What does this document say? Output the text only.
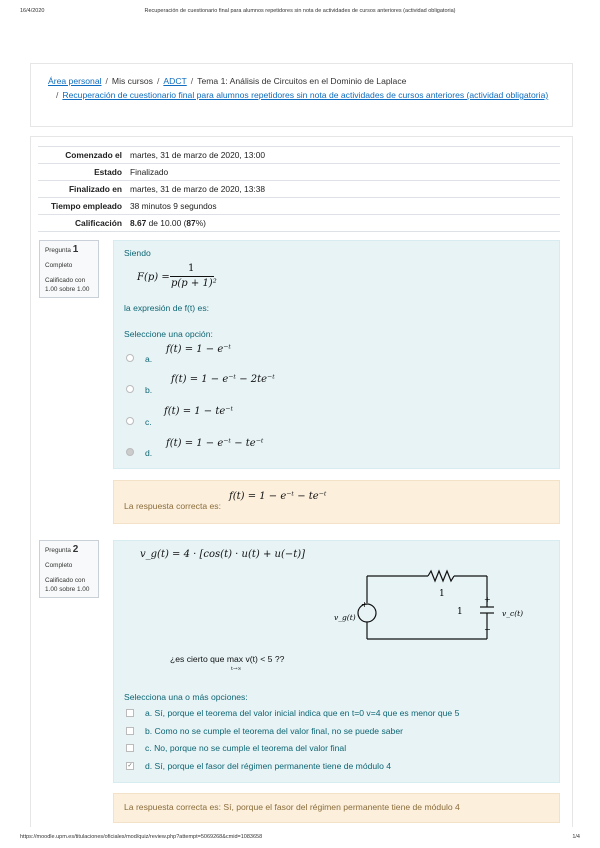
16/4/2020	Recuperación de cuestionario final para alumnos repetidores sin nota de actividades de cursos anteriores (actividad obligatoria)
Área personal / Mis cursos / ADCT / Tema 1: Análisis de Circuitos en el Dominio de Laplace
/ Recuperación de cuestionario final para alumnos repetidores sin nota de actividades de cursos anteriores (actividad obligatoria)
Comenzado el	martes, 31 de marzo de 2020, 13:00
Estado	Finalizado
Finalizado en	martes, 31 de marzo de 2020, 13:38
Tiempo empleado	38 minutos 9 segundos
Calificación	8.67 de 10.00 (87%)
Pregunta 1
Completo
Calificado con 1.00 sobre 1.00
Siendo
F(p) =
1
p(p + 1)²
la expresión de f(t) es:
Seleccione una opción:
a.
f(t) = 1 − e⁻ᵗ
b.
f(t) = 1 − e⁻ᵗ − 2te⁻ᵗ
c.
f(t) = 1 − te⁻ᵗ
d.
f(t) = 1 − e⁻ᵗ − te⁻ᵗ
La respuesta correcta es:
f(t) = 1 − e⁻ᵗ − te⁻ᵗ
Pregunta 2
Completo
Calificado con 1.00 sobre 1.00
v_g(t) = 4 · [cos(t) · u(t) + u(−t)]
+
1
1
+
−
v_c(t)
v_g(t)
¿es cierto que max v(t) < 5 ??
t→∞
Selecciona una o más opciones:
a. Sí, porque el teorema del valor inicial indica que en t=0 v=4 que es menor que 5
b. Como no se cumple el teorema del valor final, no se puede saber
c. No, porque no se cumple el teorema del valor final
✓ d. Sí, porque el fasor del régimen permanente tiene de módulo 4
La respuesta correcta es: Sí, porque el fasor del régimen permanente tiene de módulo 4
https://moodle.upm.es/titulaciones/oficiales/mod/quiz/review.php?attempt=5069268&cmid=1083658	1/4
